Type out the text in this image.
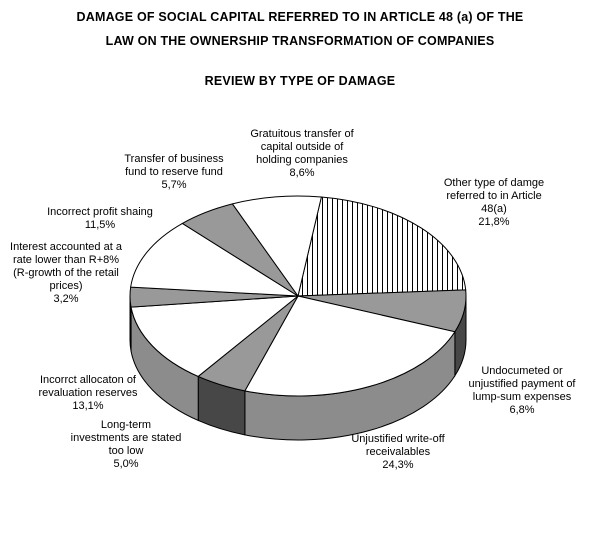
DAMAGE OF SOCIAL CAPITAL REFERRED TO IN ARTICLE 48 (a) OF THE
LAW ON THE OWNERSHIP TRANSFORMATION OF COMPANIES
REVIEW BY TYPE OF DAMAGE
Other type of damge
referred to in Article
48(a)
21,8%
Undocumeted or
unjustified payment of
lump-sum expenses
6,8%
Unjustified write-off
receivalables
24,3%
Long-term
investments are stated
too low
5,0%
Incorrct allocaton of
revaluation reserves
13,1%
Interest accounted at a
rate lower than R+8%
(R-growth of the retail
prices)
3,2%
Incorrect profit shaing
11,5%
Transfer of business
fund to reserve fund
5,7%
Gratuitous transfer of
capital outside of
holding companies
8,6%
